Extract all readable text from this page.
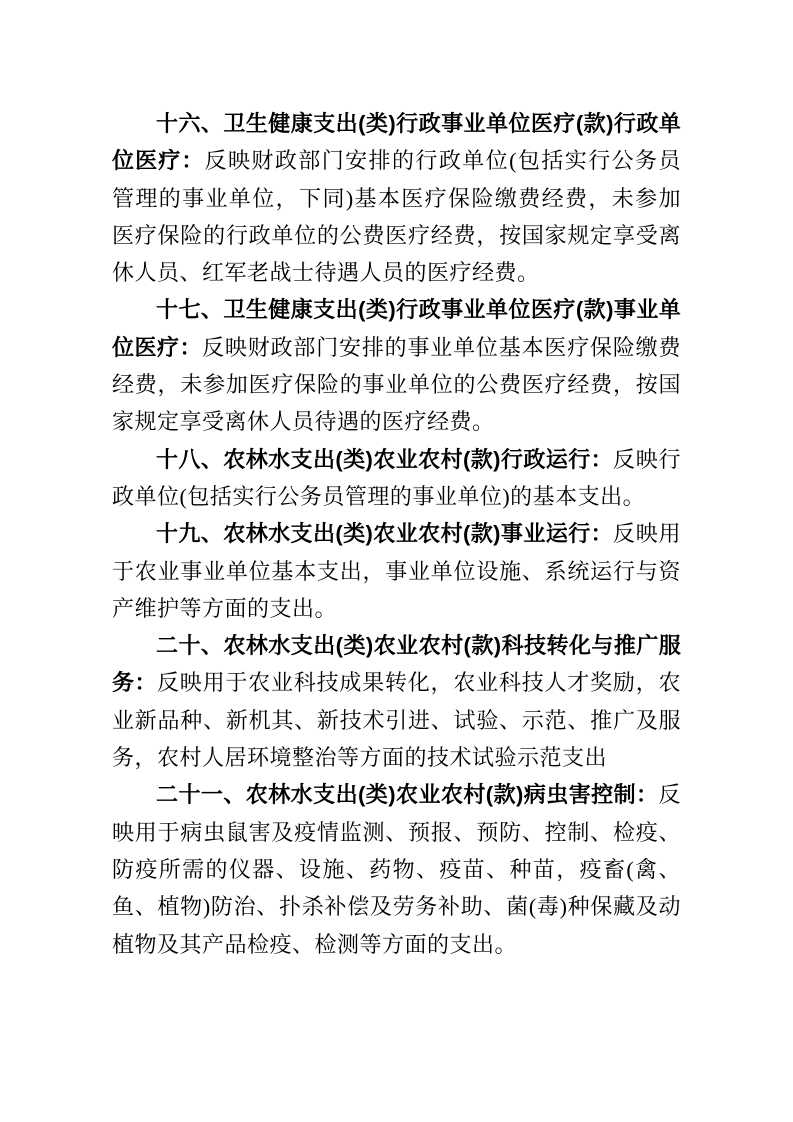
十六、卫生健康支出(类)行政事业单位医疗(款)行政单位医疗：反映财政部门安排的行政单位(包括实行公务员管理的事业单位，下同)基本医疗保险缴费经费，未参加医疗保险的行政单位的公费医疗经费，按国家规定享受离休人员、红军老战士待遇人员的医疗经费。

十七、卫生健康支出(类)行政事业单位医疗(款)事业单位医疗：反映财政部门安排的事业单位基本医疗保险缴费经费，未参加医疗保险的事业单位的公费医疗经费，按国家规定享受离休人员待遇的医疗经费。

十八、农林水支出(类)农业农村(款)行政运行：反映行政单位(包括实行公务员管理的事业单位)的基本支出。

十九、农林水支出(类)农业农村(款)事业运行：反映用于农业事业单位基本支出，事业单位设施、系统运行与资产维护等方面的支出。

二十、农林水支出(类)农业农村(款)科技转化与推广服务：反映用于农业科技成果转化，农业科技人才奖励，农业新品种、新机其、新技术引进、试验、示范、推广及服务，农村人居环境整治等方面的技术试验示范支出

二十一、农林水支出(类)农业农村(款)病虫害控制：反映用于病虫鼠害及疫情监测、预报、预防、控制、检疫、防疫所需的仪器、设施、药物、疫苗、种苗，疫畜(禽、鱼、植物)防治、扑杀补偿及劳务补助、菌(毒)种保藏及动植物及其产品检疫、检测等方面的支出。
